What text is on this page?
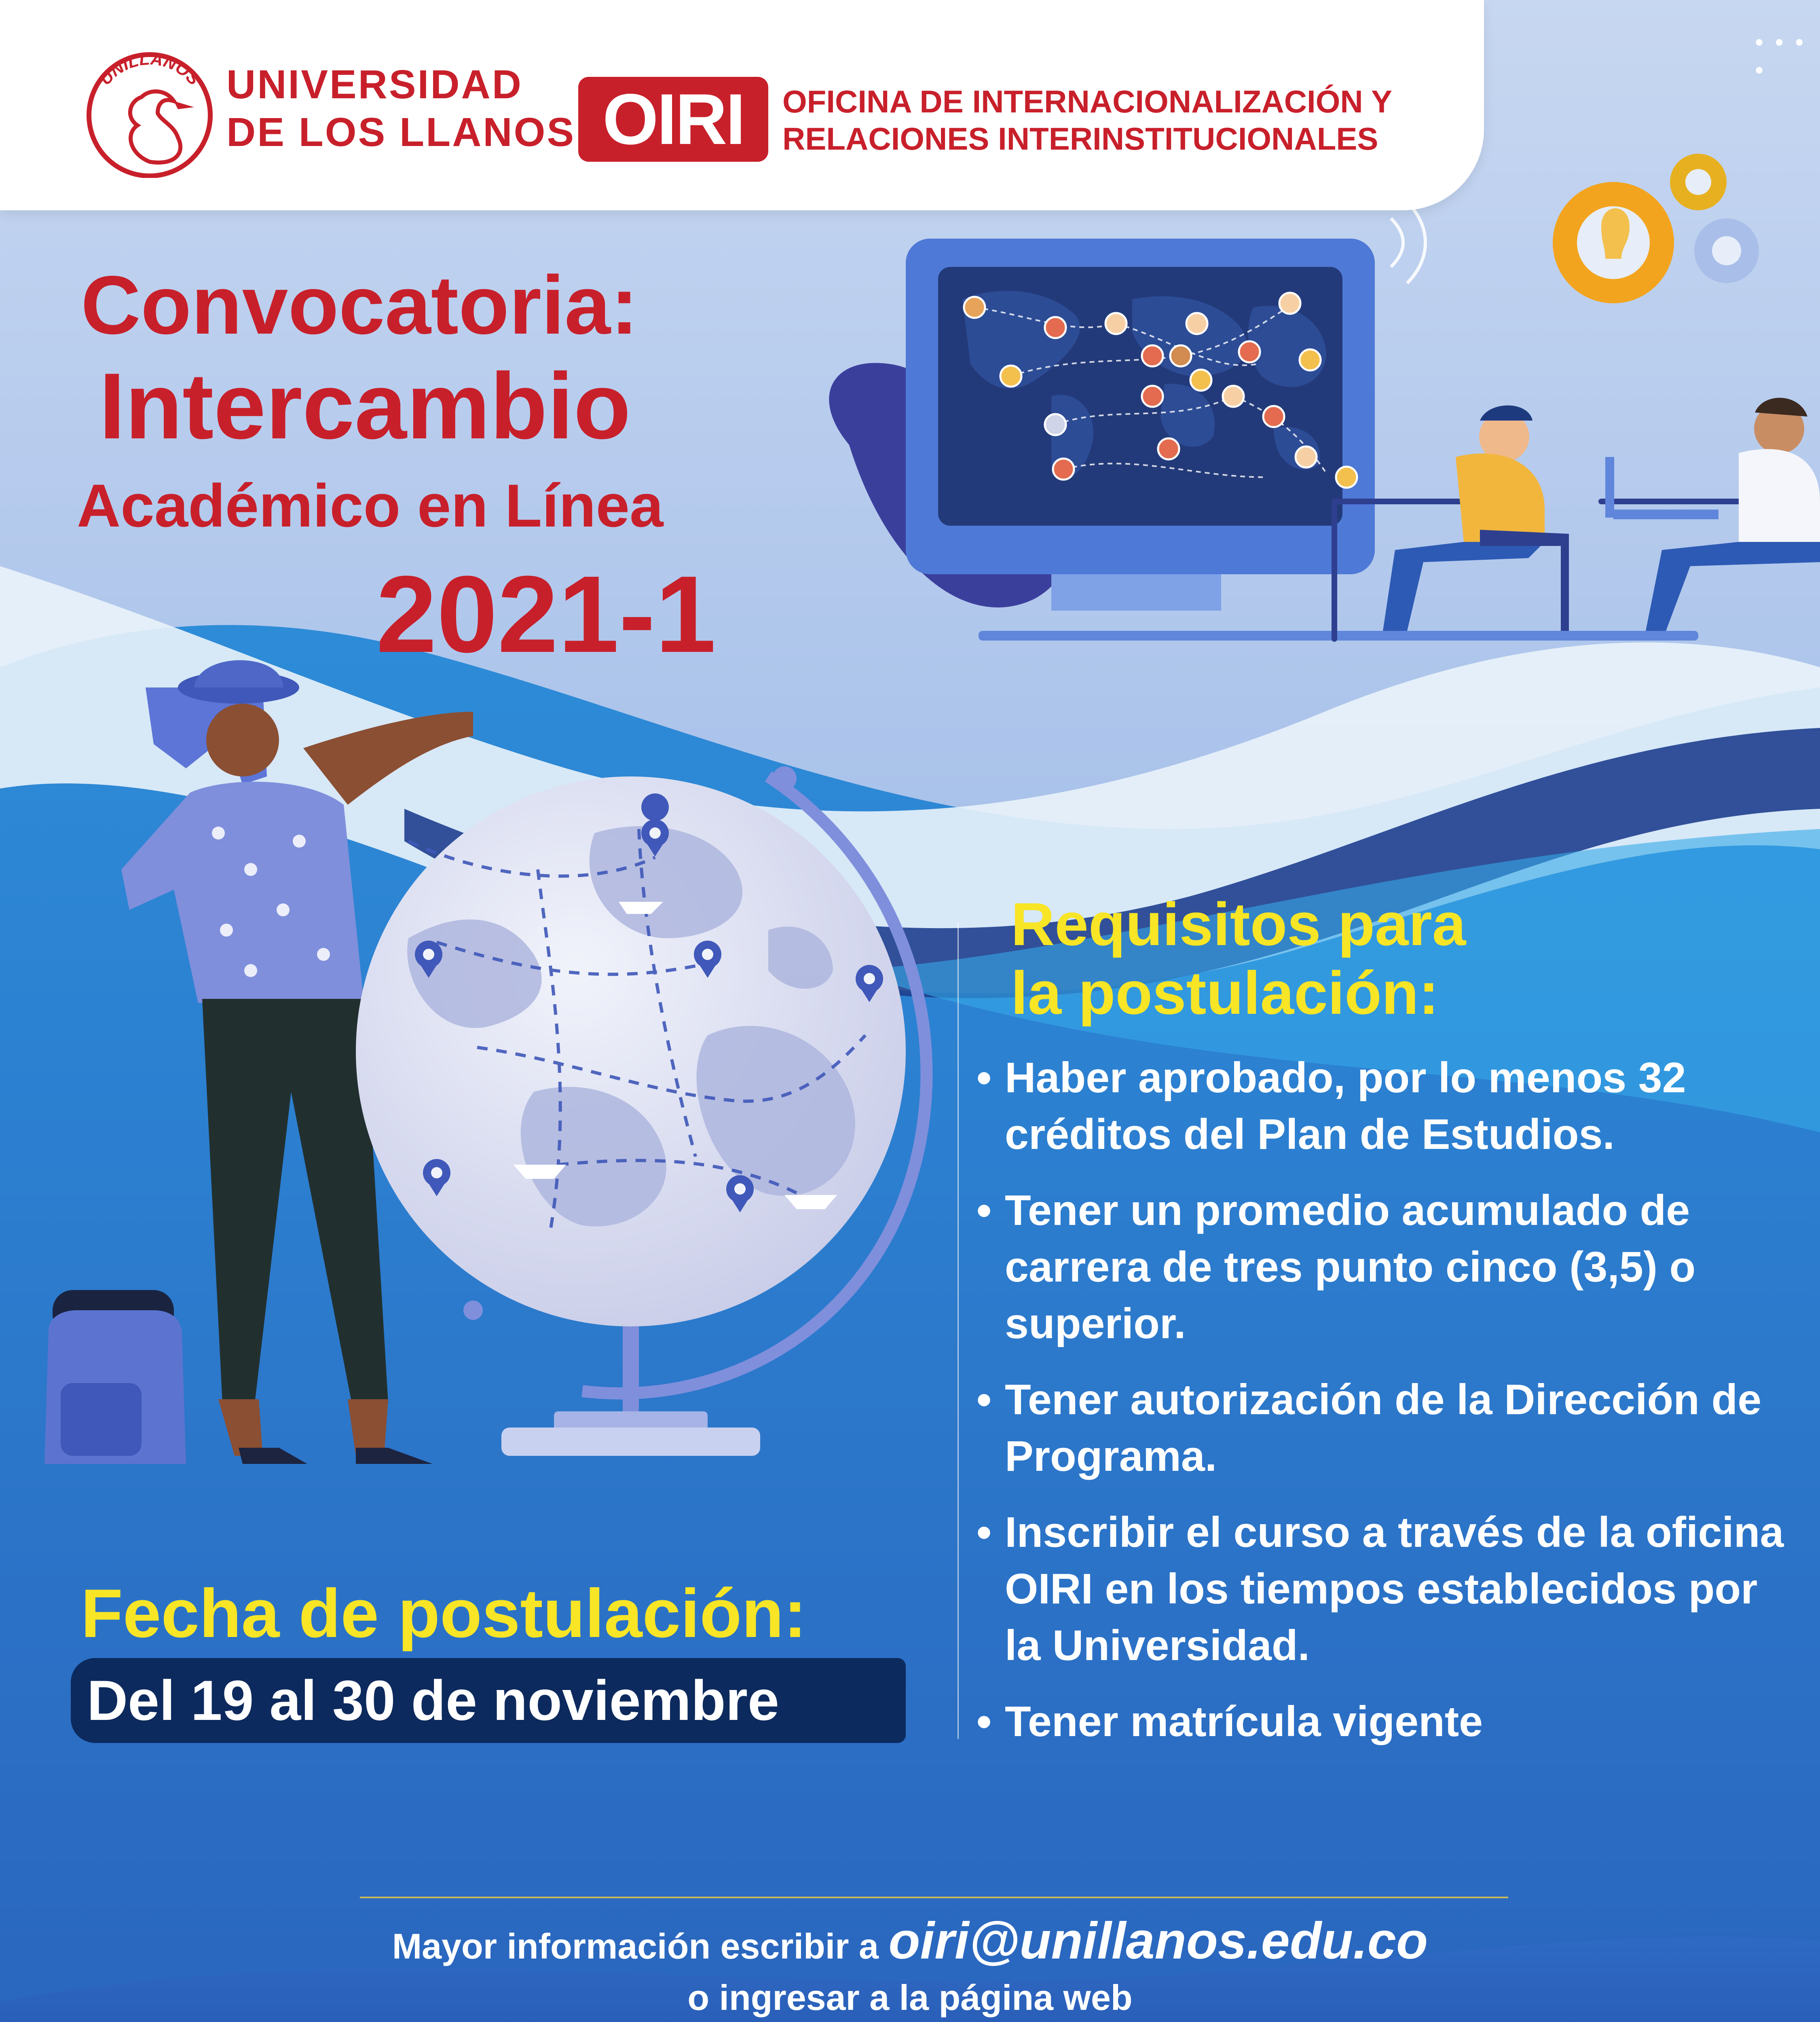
UNILLANOS UNIVERSIDAD
DE LOS LLANOS OIRI	OFICINA DE INTERNACIONALIZACIÓN Y
RELACIONES INTERINSTITUCIONALES
• • • •
Convocatoria:
Intercambio
Académico en Línea
2021-1
Requisitos para
la postulación:
• Haber aprobado, por lo menos 32 créditos del Plan de Estudios.
• Tener un promedio acumulado de carrera de tres punto cinco (3,5) o superior.
• Tener autorización de la Dirección de Programa.
• Inscribir el curso a través de la oficina OIRI en los tiempos establecidos por la Universidad.
• Tener matrícula vigente
Fecha de postulación:
Del 19 al 30 de noviembre
Mayor información escribir a oiri@unillanos.edu.co
o ingresar a la página web
